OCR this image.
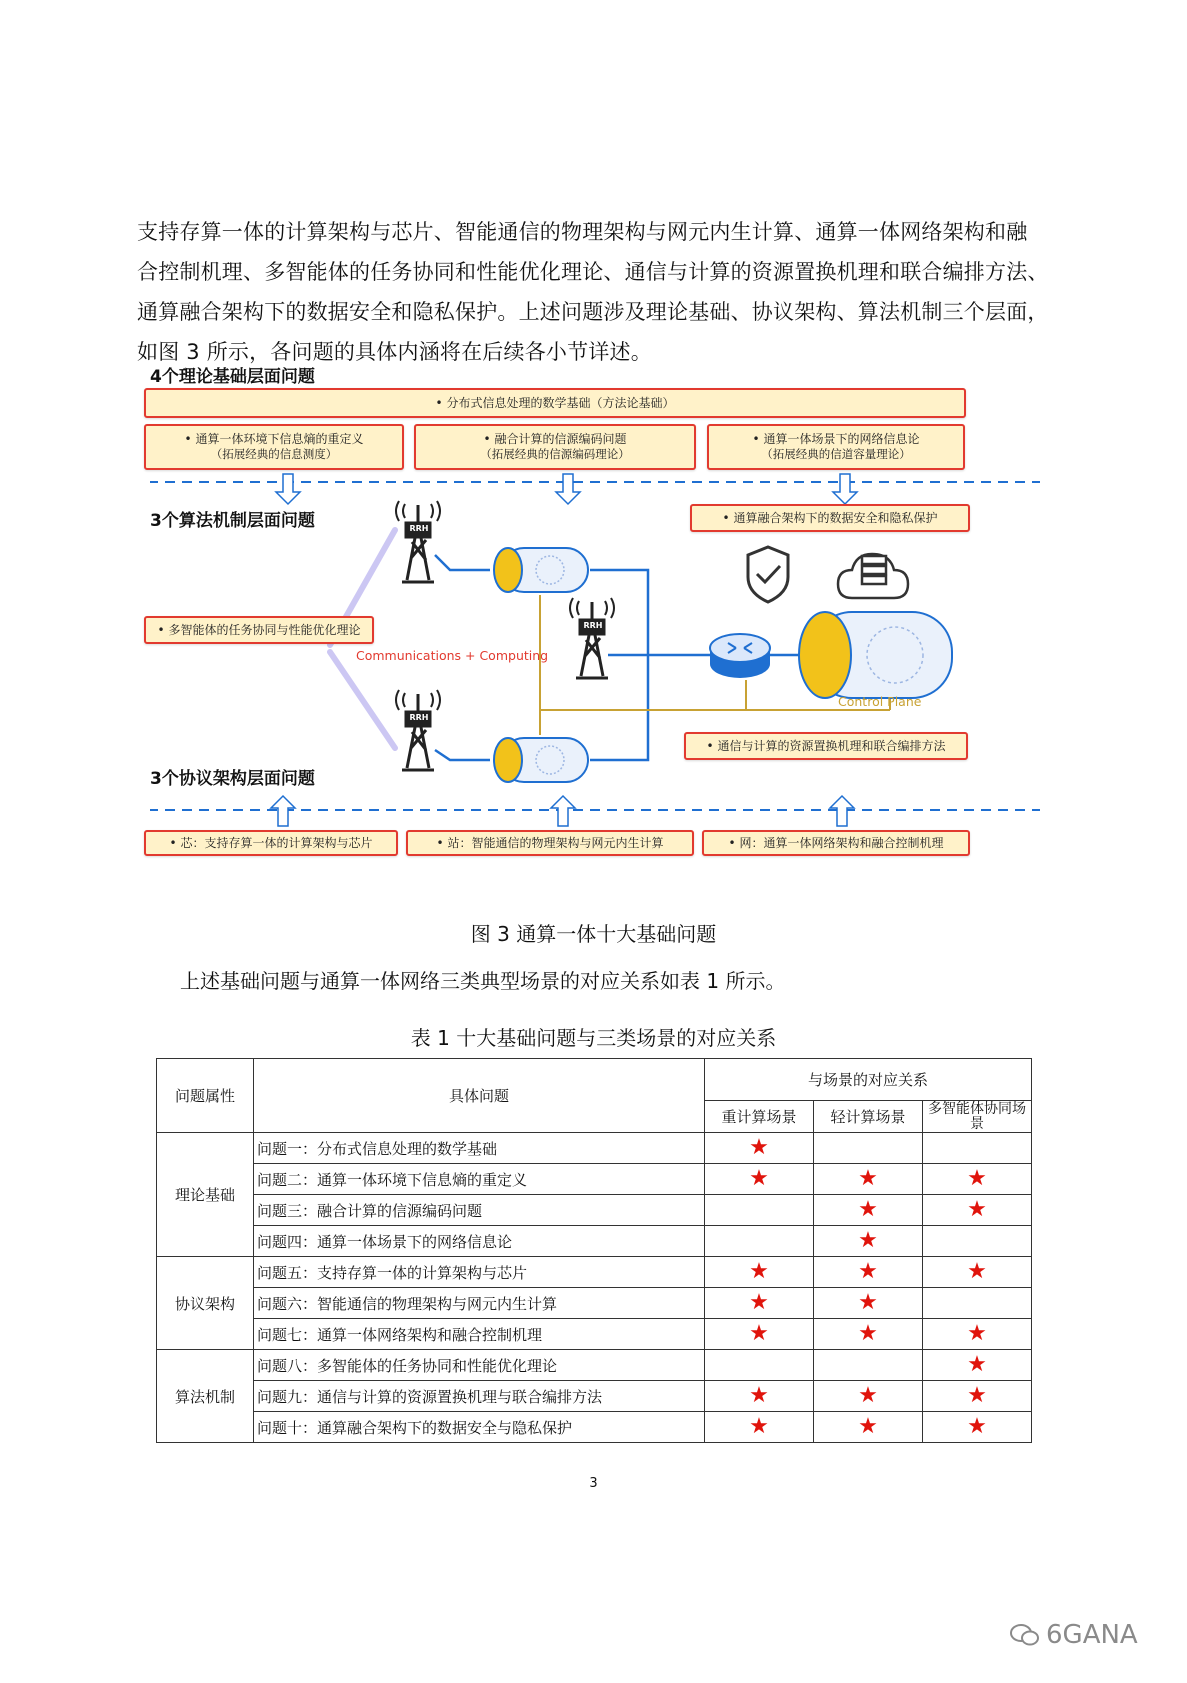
支持存算一体的计算架构与芯片、智能通信的物理架构与网元内生计算、通算一体网络架构和融

合控制机理、多智能体的任务协同和性能优化理论、通信与计算的资源置换机理和联合编排方法、

通算融合架构下的数据安全和隐私保护。上述问题涉及理论基础、协议架构、算法机制三个层面，

如图 3 所示，各问题的具体内涵将在后续各小节详述。

4个理论基础层面问题
3个算法机制层面问题
3个协议架构层面问题
• 分布式信息处理的数学基础（方法论基础）
• 通算一体环境下信息熵的重定义
（拓展经典的信息测度）
• 融合计算的信源编码问题
（拓展经典的信源编码理论）
• 通算一体场景下的网络信息论
（拓展经典的信道容量理论）
• 通算融合架构下的数据安全和隐私保护
• 多智能体的任务协同与性能优化理论
• 通信与计算的资源置换机理和联合编排方法
• 芯：支持存算一体的计算架构与芯片	• 站：智能通信的物理架构与网元内生计算	• 网：通算一体网络架构和融合控制机理
Communications + Computing
Control Plane
RRH
RRH
RRH
图 3 通算一体十大基础问题
上述基础问题与通算一体网络三类典型场景的对应关系如表 1 所示。
表 1 十大基础问题与三类场景的对应关系
问题属性	具体问题	与场景的对应关系		
		重计算场景	轻计算场景	多智能体协同场景
理论基础	问题一：分布式信息处理的数学基础	★		
	问题二：通算一体环境下信息熵的重定义	★	★	★
	问题三：融合计算的信源编码问题		★	★
	问题四：通算一体场景下的网络信息论		★	
协议架构	问题五：支持存算一体的计算架构与芯片	★	★	★
	问题六：智能通信的物理架构与网元内生计算	★	★	
	问题七：通算一体网络架构和融合控制机理	★	★	★
算法机制	问题八：多智能体的任务协同和性能优化理论			★
	问题九：通信与计算的资源置换机理与联合编排方法	★	★	★
	问题十：通算融合架构下的数据安全与隐私保护	★	★	★
3
6GANA
